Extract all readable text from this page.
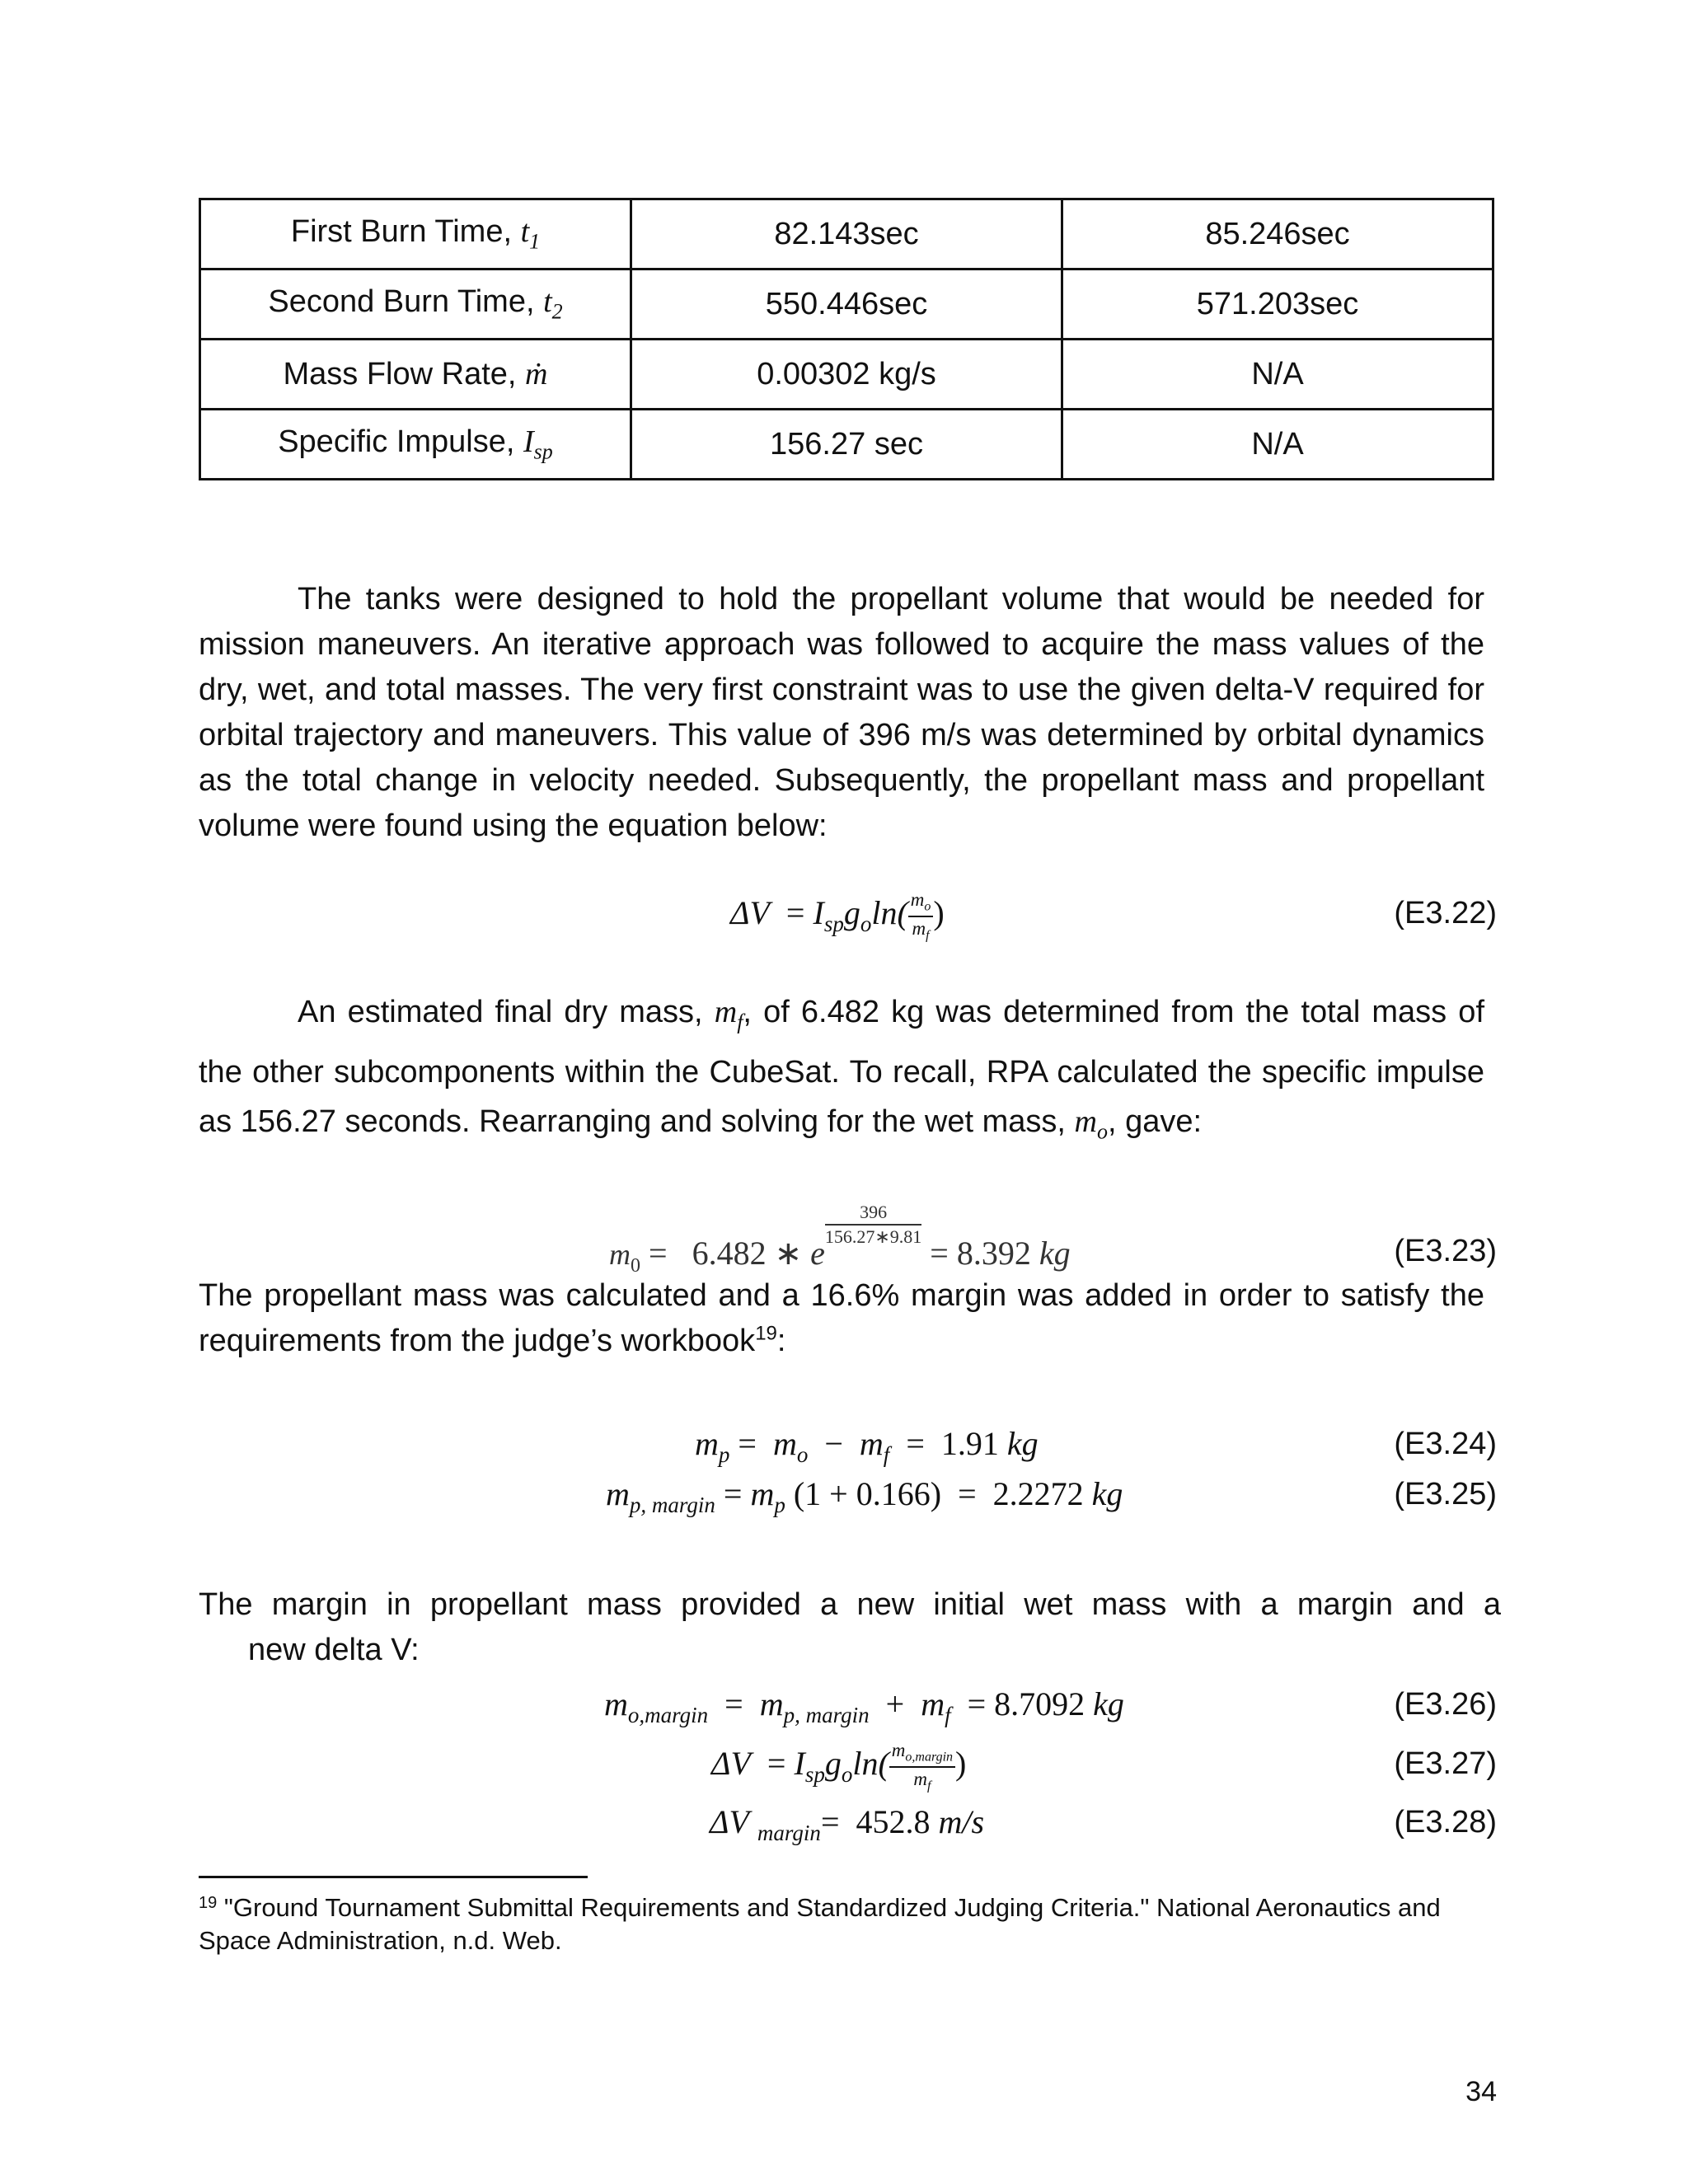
First Burn Time, $t_1$	82.143sec	85.246sec
Second Burn Time, $t_2$	550.446sec	571.203sec
Mass Flow Rate, ṁ	0.00302 kg/s	N/A
Specific Impulse, $I_{sp}$	156.27 sec	N/A

The tanks were designed to hold the propellant volume that would be needed for mission maneuvers. An iterative approach was followed to acquire the mass values of the dry, wet, and total masses. The very first constraint was to use the given delta-V required for orbital trajectory and maneuvers. This value of 396 m/s was determined by orbital dynamics as the total change in velocity needed. Subsequently, the propellant mass and propellant volume were found using the equation below:

$\Delta V = I_{sp}g_o\ln( \frac{m_o}{m_f}$ )	(E3.22)

An estimated final dry mass, $m_f$, of 6.482 kg was determined from the total mass of the other subcomponents within the CubeSat. To recall, RPA calculated the specific impulse as 156.27 seconds. Rearranging and solving for the wet mass, $m_o$, gave:

$m_0 = 6.482$ ∗ e
$\frac{396}{156.27∗9.81}$
= 8.392 kg	(E3.23)

The propellant mass was calculated and a 16.6% margin was added in order to satisfy the requirements from the judge’s workbook$^{19}$:

$m_p = m_o - m_f = 1.91$ kg	(E3.24)
$m_{p, margin} = m_p$ (1 + 0.166) = 2.2272 kg	(E3.25)

The margin in propellant mass provided a new initial wet mass with a margin and a
new delta V:

$m_{o,margin} = m_{p, margin} + m_f = 8.7092$ kg	(E3.26)
$\Delta V = I_{sp}g_o\ln( \frac{m_{o,margin}}{m_f}$ )	(E3.27)
ΔV $_{margin}$= 452.8 m/s	(E3.28)

$^{19}$ "Ground Tournament Submittal Requirements and Standardized Judging Criteria." National Aeronautics and Space Administration, n.d. Web.

34
